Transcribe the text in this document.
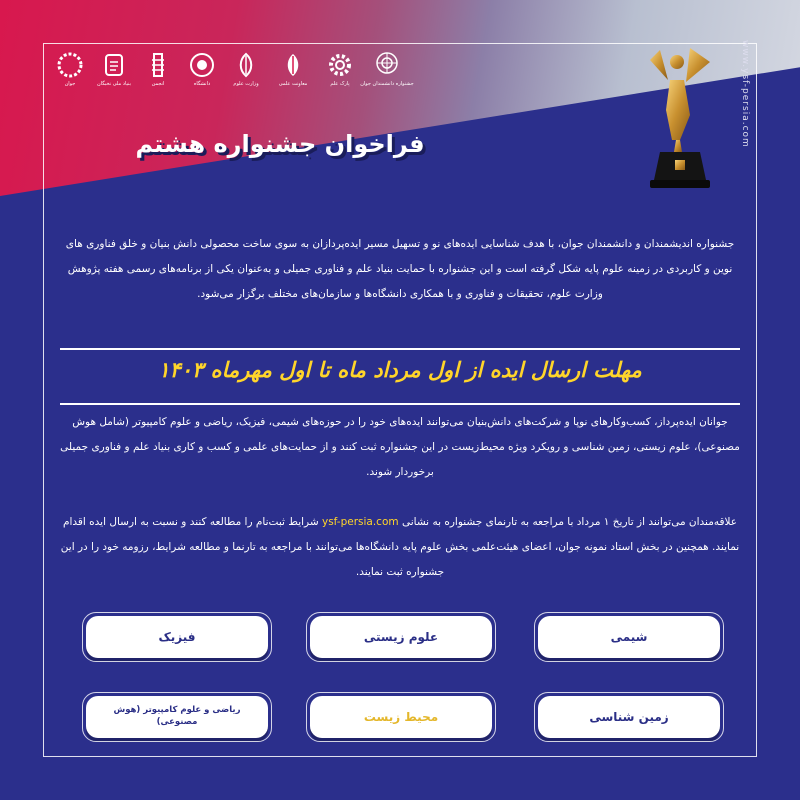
جوان	بنیاد ملی نخبگان	انجمن	دانشگاه	وزارت علوم	معاونت علمی	پارک علم جشنواره دانشمندان جوان
فراخوان جشنواره هشتم	www.ysf-persia.com
جشنواره اندیشمندان و دانشمندان جوان، با هدف شناسایی ایده‌های نو و تسهیل مسیر ایده‌پردازان به سوی ساخت محصولی دانش بنیان و خلق فناوری های نوین و کاربردی در زمینه علوم پایه شکل گرفته است و این جشنواره با حمایت بنیاد علم و فناوری جمیلی و به‌عنوان یکی از برنامه‌های رسمی هفته پژوهش وزارت علوم، تحقیقات و فناوری و با همکاری دانشگاه‌ها و سازمان‌های مختلف برگزار می‌شود.
مهلت ارسال ایده از اول مرداد ماه تا اول مهرماه ۱۴۰۳
جوانان ایده‌پرداز، کسب‌وکارهای نوپا و شرکت‌های دانش‌بنیان می‌توانند ایده‌های خود را در حوزه‌های شیمی، فیزیک، ریاضی و علوم کامپیوتر (شامل هوش مصنوعی)، علوم زیستی، زمین شناسی و رویکرد ویژه محیط‌زیست در این جشنواره ثبت کنند و از حمایت‌های علمی و کسب و کاری بنیاد علم و فناوری جمیلی برخوردار شوند.
علاقه‌مندان می‌توانند از تاریخ ۱ مرداد با مراجعه به تارنمای جشنواره به نشانی ysf-persia.com شرایط ثبت‌نام را مطالعه کنند و نسبت به ارسال ایده اقدام نمایند. همچنین در بخش استاد نمونه جوان، اعضای هیئت‌علمی بخش علوم پایه دانشگاه‌ها می‌توانند با مراجعه به تارنما و مطالعه شرایط، رزومه خود را در این جشنواره ثبت نمایند.
شیمی
علوم زیستی
فیزیک
زمین شناسی
محیط زیست
ریاضی و علوم کامپیوتر (هوش مصنوعی)
